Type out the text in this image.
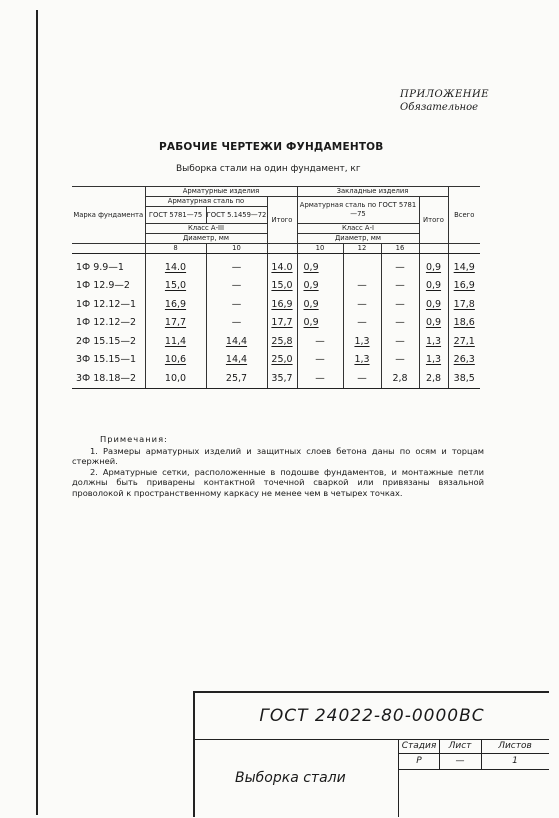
ПРИЛОЖЕНИЕ
Обязательное
РАБОЧИЕ ЧЕРТЕЖИ ФУНДАМЕНТОВ
Выборка стали на один фундамент, кг
Марка фундамента	Арматурные изделия			Закладные изделия				Всего
	Арматурная сталь по		Итого	Арматурная сталь по ГОСТ 5781—75			Итого	
	ГОСТ 5781—75	ГОСТ 5.1459—72						
	Класс А-III			Класс А-I				
	Диаметр, мм			Диаметр, мм				
	8	10		10	12	16		
1Ф 9.9—1	14.0	—	14.0	0,9		—	0,9	14,9
1Ф 12.9—2	15,0	—	15,0	0,9	—	—	0,9	16,9
1Ф 12.12—1	16,9	—	16,9	0,9	—	—	0,9	17,8
1Ф 12.12—2	17,7	—	17,7	0,9	—	—	0,9	18,6
2Ф 15.15—2	11,4	14,4	25,8	—	1,3	—	1,3	27,1
3Ф 15.15—1	10,6	14,4	25,0	—	1,3	—	1,3	26,3
3Ф 18.18—2	10,0	25,7	35,7	—	—	2,8	2,8	38,5
Примечания:

1. Размеры арматурных изделий и защитных слоев бетона даны по осям и торцам стержней.

2. Арматурные сетки, расположенные в подошве фундаментов, и монтажные петли должны быть приварены контактной точечной сваркой или привязаны вязальной проволокой к пространственному каркасу не менее чем в четырех точках.

ГОСТ 24022-80-0000ВС
Выборка стали
Стадия	Лист	Листов
Р	—	1
